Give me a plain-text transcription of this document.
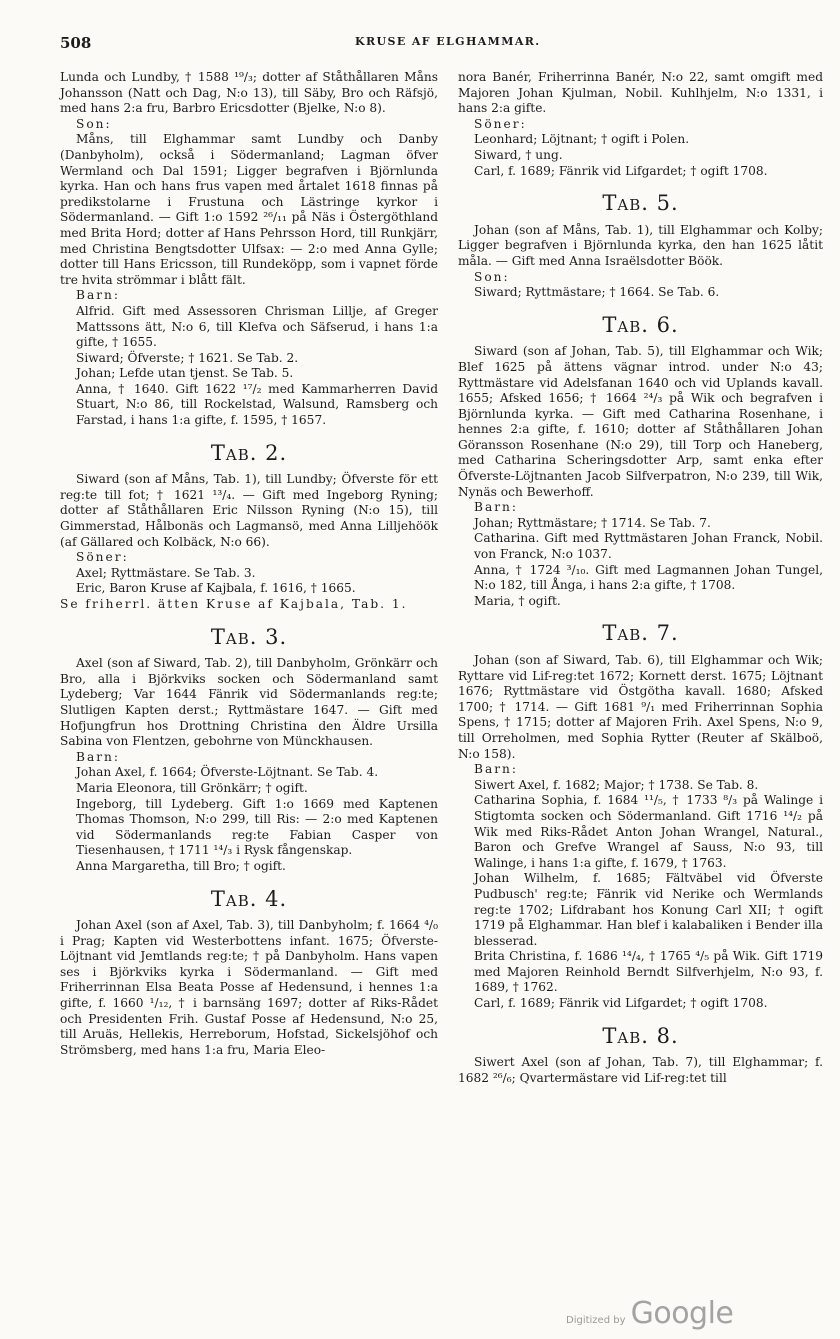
508	KRUSE AF ELGHAMMAR.

Lunda och Lundby, † 1588 ¹⁹/₃; dotter af Ståthållaren Måns Johansson (Natt och Dag, N:o 13), till Säby, Bro och Räfsjö, med hans 2:a fru, Barbro Ericsdotter (Bjelke, N:o 8).

Son:

Måns, till Elghammar samt Lundby och Danby (Danbyholm), också i Södermanland; Lagman öfver Wermland och Dal 1591; Ligger begrafven i Björnlunda kyrka. Han och hans frus vapen med årtalet 1618 finnas på predikstolarne i Frustuna och Lästringe kyrkor i Södermanland. — Gift 1:o 1592 ²⁶/₁₁ på Näs i Östergöthland med Brita Hord; dotter af Hans Pehrsson Hord, till Runkjärr, med Christina Bengtsdotter Ulfsax: — 2:o med Anna Gylle; dotter till Hans Ericsson, till Rundeköpp, som i vapnet förde tre hvita strömmar i blått fält.

Barn:

Alfrid. Gift med Assessoren Chrisman Lillje, af Greger Mattssons ätt, N:o 6, till Klefva och Säfserud, i hans 1:a gifte, † 1655.

Siward; Öfverste; † 1621. Se Tab. 2.

Johan; Lefde utan tjenst. Se Tab. 5.

Anna, † 1640. Gift 1622 ¹⁷/₂ med Kammarherren David Stuart, N:o 86, till Rockelstad, Walsund, Ramsberg och Farstad, i hans 1:a gifte, f. 1595, † 1657.

Tab. 2.

Siward (son af Måns, Tab. 1), till Lundby; Öfverste för ett reg:te till fot; † 1621 ¹³/₄. — Gift med Ingeborg Ryning; dotter af Ståthållaren Eric Nilsson Ryning (N:o 15), till Gimmerstad, Hålbonäs och Lagmansö, med Anna Lilljehöök (af Gällared och Kolbäck, N:o 66).

Söner:

Axel; Ryttmästare. Se Tab. 3.

Eric, Baron Kruse af Kajbala, f. 1616, † 1665.

Se friherrl. ätten Kruse af Kajbala, Tab. 1.

Tab. 3.

Axel (son af Siward, Tab. 2), till Danbyholm, Grönkärr och Bro, alla i Björkviks socken och Södermanland samt Lydeberg; Var 1644 Fänrik vid Södermanlands reg:te; Slutligen Kapten derst.; Ryttmästare 1647. — Gift med Hofjungfrun hos Drottning Christina den Äldre Ursilla Sabina von Flentzen, gebohrne von Münckhausen.

Barn:

Johan Axel, f. 1664; Öfverste-Löjtnant. Se Tab. 4.

Maria Eleonora, till Grönkärr; † ogift.

Ingeborg, till Lydeberg. Gift 1:o 1669 med Kaptenen Thomas Thomson, N:o 299, till Ris: — 2:o med Kaptenen vid Södermanlands reg:te Fabian Casper von Tiesenhausen, † 1711 ¹⁴/₃ i Rysk fångenskap.

Anna Margaretha, till Bro; † ogift.

Tab. 4.

Johan Axel (son af Axel, Tab. 3), till Danbyholm; f. 1664 ⁴/₀ i Prag; Kapten vid Westerbottens infant. 1675; Öfverste-Löjtnant vid Jemtlands reg:te; † på Danbyholm. Hans vapen ses i Björkviks kyrka i Södermanland. — Gift med Friherrinnan Elsa Beata Posse af Hedensund, i hennes 1:a gifte, f. 1660 ¹/₁₂, † i barnsäng 1697; dotter af Riks-Rådet och Presidenten Frih. Gustaf Posse af Hedensund, N:o 25, till Aruäs, Hellekis, Herreborum, Hofstad, Sickelsjöhof och Strömsberg, med hans 1:a fru, Maria Eleo-

nora Banér, Friherrinna Banér, N:o 22, samt omgift med Majoren Johan Kjulman, Nobil. Kuhlhjelm, N:o 1331, i hans 2:a gifte.

Söner:

Leonhard; Löjtnant; † ogift i Polen.

Siward, † ung.

Carl, f. 1689; Fänrik vid Lifgardet; † ogift 1708.

Tab. 5.

Johan (son af Måns, Tab. 1), till Elghammar och Kolby; Ligger begrafven i Björnlunda kyrka, den han 1625 låtit måla. — Gift med Anna Israëlsdotter Böök.

Son:

Siward; Ryttmästare; † 1664. Se Tab. 6.

Tab. 6.

Siward (son af Johan, Tab. 5), till Elghammar och Wik; Blef 1625 på ättens vägnar introd. under N:o 43; Ryttmästare vid Adelsfanan 1640 och vid Uplands kavall. 1655; Afsked 1656; † 1664 ²⁴/₃ på Wik och begrafven i Björnlunda kyrka. — Gift med Catharina Rosenhane, i hennes 2:a gifte, f. 1610; dotter af Ståthållaren Johan Göransson Rosenhane (N:o 29), till Torp och Haneberg, med Catharina Scheringsdotter Arp, samt enka efter Öfverste-Löjtnanten Jacob Silfverpatron, N:o 239, till Wik, Nynäs och Bewerhoff.

Barn:

Johan; Ryttmästare; † 1714. Se Tab. 7.

Catharina. Gift med Ryttmästaren Johan Franck, Nobil. von Franck, N:o 1037.

Anna, † 1724 ³/₁₀. Gift med Lagmannen Johan Tungel, N:o 182, till Ånga, i hans 2:a gifte, † 1708.

Maria, † ogift.

Tab. 7.

Johan (son af Siward, Tab. 6), till Elghammar och Wik; Ryttare vid Lif-reg:tet 1672; Kornett derst. 1675; Löjtnant 1676; Ryttmästare vid Östgötha kavall. 1680; Afsked 1700; † 1714. — Gift 1681 ⁹/₁ med Friherrinnan Sophia Spens, † 1715; dotter af Majoren Frih. Axel Spens, N:o 9, till Orreholmen, med Sophia Rytter (Reuter af Skälboö, N:o 158).

Barn:

Siwert Axel, f. 1682; Major; † 1738. Se Tab. 8.

Catharina Sophia, f. 1684 ¹¹/₅, † 1733 ⁸/₃ på Walinge i Stigtomta socken och Södermanland. Gift 1716 ¹⁴/₂ på Wik med Riks-Rådet Anton Johan Wrangel, Natural., Baron och Grefve Wrangel af Sauss, N:o 93, till Walinge, i hans 1:a gifte, f. 1679, † 1763.

Johan Wilhelm, f. 1685; Fältväbel vid Öfverste Pudbusch' reg:te; Fänrik vid Nerike och Wermlands reg:te 1702; Lifdrabant hos Konung Carl XII; † ogift 1719 på Elghammar. Han blef i kalabaliken i Bender illa blesserad.

Brita Christina, f. 1686 ¹⁴/₄, † 1765 ⁴/₅ på Wik. Gift 1719 med Majoren Reinhold Berndt Silfverhjelm, N:o 93, f. 1689, † 1762.

Carl, f. 1689; Fänrik vid Lifgardet; † ogift 1708.

Tab. 8.

Siwert Axel (son af Johan, Tab. 7), till Elghammar; f. 1682 ²⁶/₆; Qvartermästare vid Lif-reg:tet till

Digitized by Google
